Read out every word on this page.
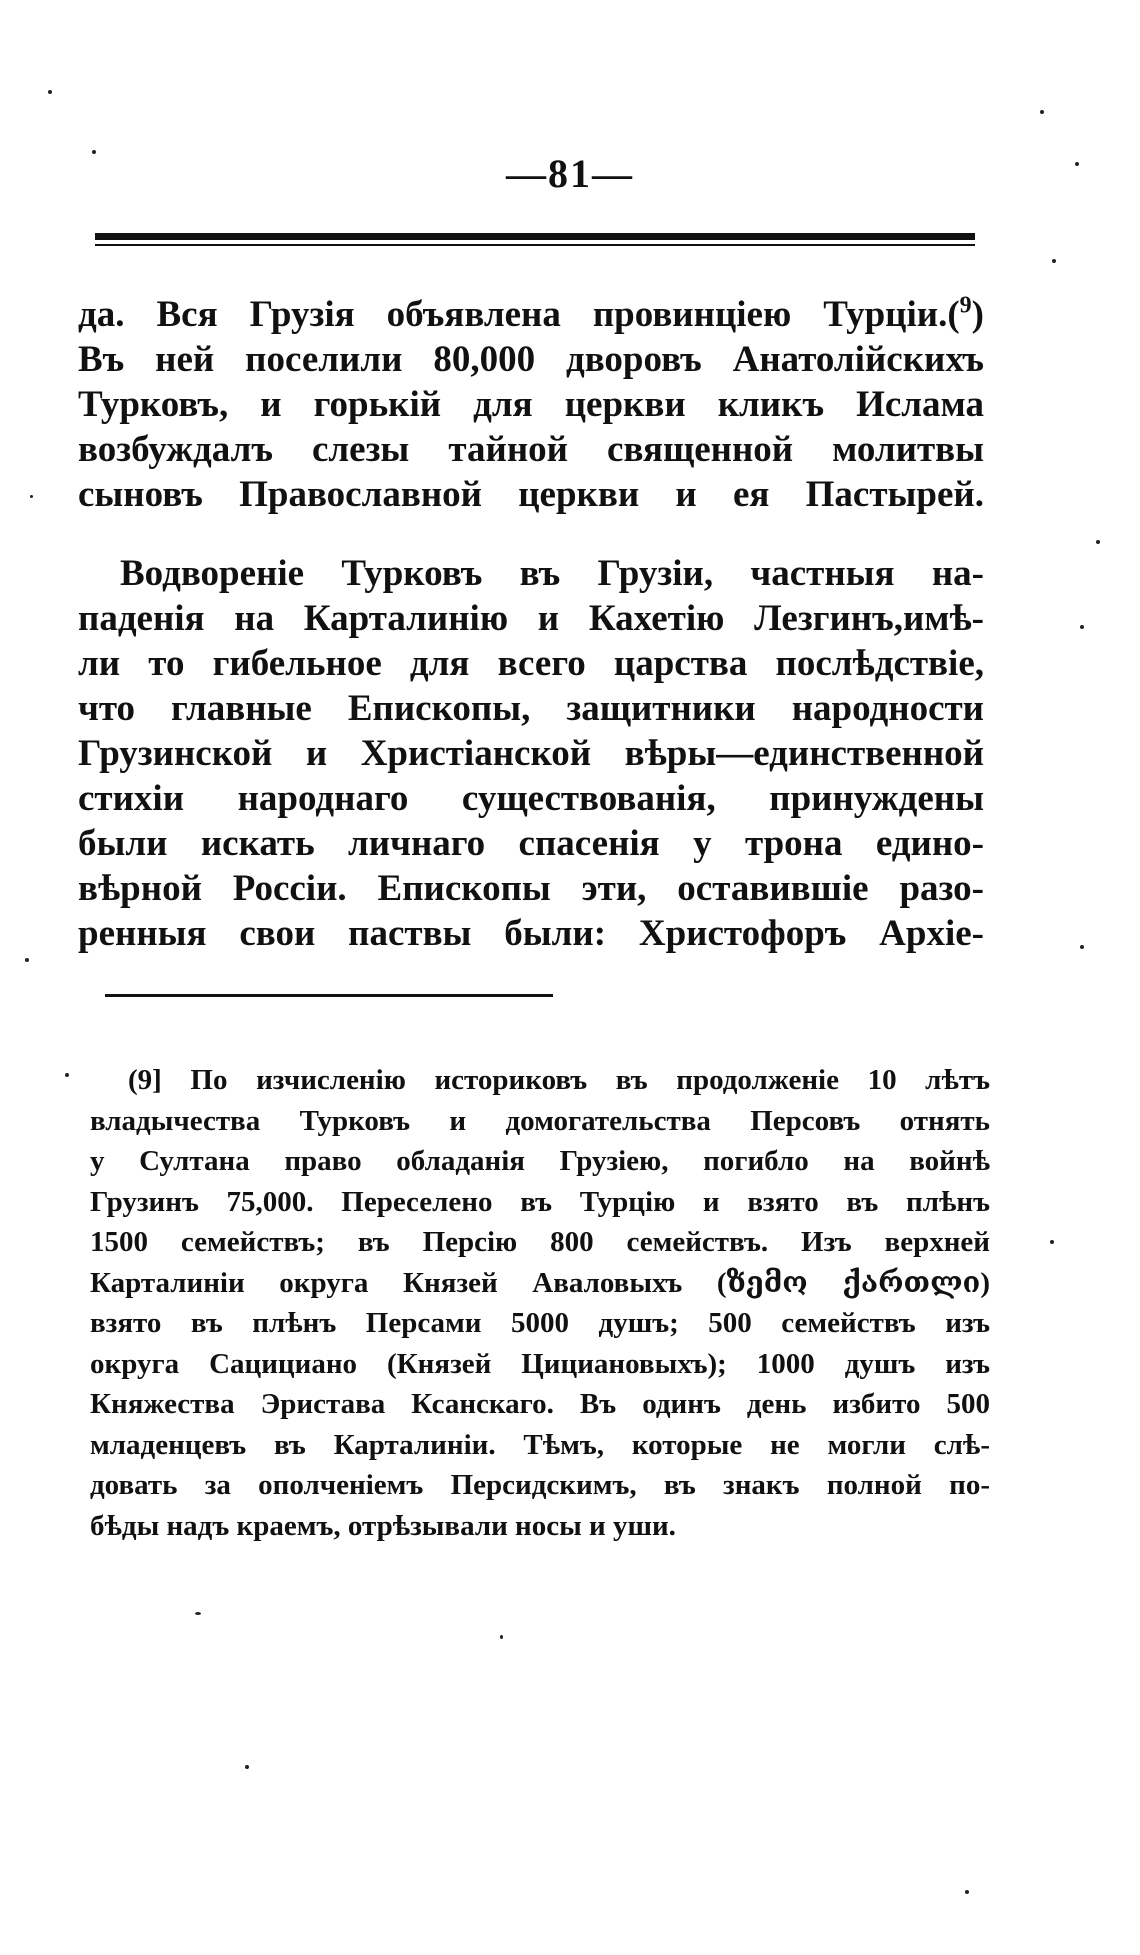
—81—

да. Вся Грузія объявлена провинціею Турціи.($^9$)
Въ ней поселили 80,000 дворовъ Анатолійскихъ
Турковъ, и горькій для церкви кликъ Ислама
возбуждалъ слезы тайной священной молитвы
сыновъ Православной церкви и ея Пастырей.

Водвореніе Турковъ въ Грузіи, частныя на-
паденія на Карталинію и Кахетію Лезгинъ,имѣ-
ли то гибельное для всего царства послѣдствіе,
что главные Епископы, защитники народности
Грузинской и Христіанской вѣры—единственной
стихіи народнаго существованія, принуждены
были искать личнаго спасенія у трона едино-
вѣрной Россіи. Епископы эти, оставившіе разо-
ренныя свои паствы были: Христофоръ Архіе-

(9] По изчисленію историковъ въ продолженіе 10 лѣтъ
владычества Турковъ и домогательства Персовъ отнять
у Султана право обладанія Грузіею, погибло на войнѣ
Грузинъ 75,000. Переселено въ Турцію и взято въ плѣнъ
1500 семействъ; въ Персію 800 семействъ. Изъ верхней
Карталиніи округа Князей Аваловыхъ (ზემო ქართლი)
взято въ плѣнъ Персами 5000 душъ; 500 семействъ изъ
округа Сацициано (Князей Цициановыхъ); 1000 душъ изъ
Княжества Эристава Ксанскаго. Въ одинъ день избито 500
младенцевъ въ Карталиніи. Тѣмъ, которые не могли слѣ-
довать за ополченіемъ Персидскимъ, въ знакъ полной по-
бѣды надъ краемъ, отрѣзывали носы и уши.
